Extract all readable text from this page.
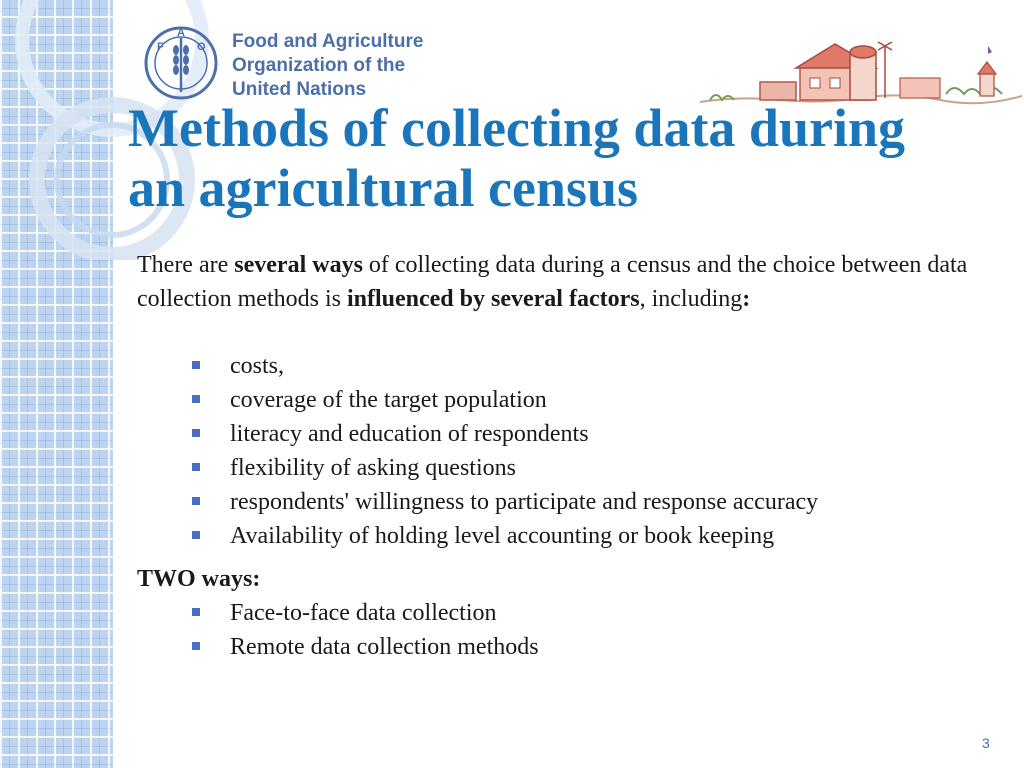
F
A
O Food and Agriculture
Organization of the
United Nations
Methods of collecting data during
an agricultural census
There are several ways of collecting data during a census and the choice between data collection methods is influenced by several factors, including:
costs,
coverage of the target population
literacy and education of respondents
flexibility of asking questions
respondents' willingness to participate and response accuracy
Availability of holding level accounting or book keeping
TWO ways:
Face-to-face data collection
Remote data collection methods
3
